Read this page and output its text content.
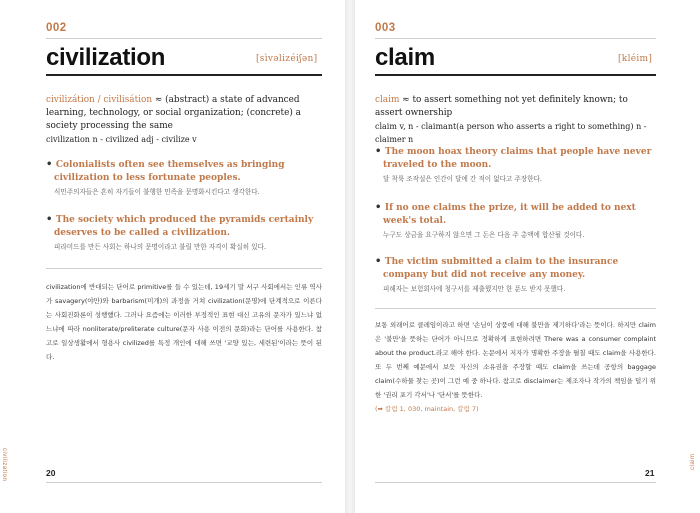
002
civilization	[sìvəlizéiʃən]
civilizátion / civilisátion ≈ (abstract) a state of advanced learning, technology, or social organization; (concrete) a society processing the same
civilization n - civilized adj - civilize v
• Colonialists often see themselves as bringing civilization to less fortunate peoples.
식민주의자들은 흔히 자기들이 불행한 민족을 문명화시킨다고 생각한다.
• The society which produced the pyramids certainly deserves to be called a civilization.
피라미드를 만든 사회는 하나의 문명이라고 불릴 만한 자격이 확실히 있다.
civilization에 반대되는 단어로 primitive를 들 수 있는데, 19세기 말 서구 사회에서는 인류 역사가 savagery(야만)와 barbarism(미개)의 과정을 거쳐 civilization(문명)에 단계적으로 이른다는 사회진화론이 성행했다. 그러나 요즘에는 이러한 부정적인 표현 대신 고유의 문자가 있느냐 없느냐에 따라 nonliterate/preliterate culture(문자 사용 이전의 문화)라는 단어를 사용한다. 참고로 일상생활에서 형용사 civilized를 특정 개인에 대해 쓰면 '교양 있는, 세련된'이라는 뜻이 된다.
civilization	20
003
claim	[kléim]
claim ≈ to assert something not yet definitely known; to assert ownership
claim v, n - claimant(a person who asserts a right to something) n - claimer n
• The moon hoax theory claims that people have never traveled to the moon.
달 착륙 조작설은 인간이 달에 간 적이 없다고 주장한다.
• If no one claims the prize, it will be added to next week's total.
누구도 상금을 요구하지 않으면 그 돈은 다음 주 총액에 합산될 것이다.
• The victim submitted a claim to the insurance company but did not receive any money.
피해자는 보험회사에 청구서를 제출했지만 한 푼도 받지 못했다.
보통 외래어로 클레임이라고 하면 '손님이 상품에 대해 불만을 제기하다'라는 뜻이다. 하지만 claim은 '불만'을 뜻하는 단어가 아니므로 정확하게 표현하려면 There was a consumer complaint about the product.라고 해야 한다. 논문에서 저자가 명확한 주장을 펼칠 때도 claim을 사용한다. 또 두 번째 예문에서 보듯 자신의 소유권을 주장할 때도 claim을 쓰는데 공항의 baggage claim(수하물 찾는 곳)이 그런 예 중 하나다. 참고로 disclaimer는 제조자나 작가의 책임을 덜기 위한 '권리 포기 각서'나 '단서'를 뜻한다.
(➡ 칼럼 1, 030, maintain, 칼럼 7)
21
claim
